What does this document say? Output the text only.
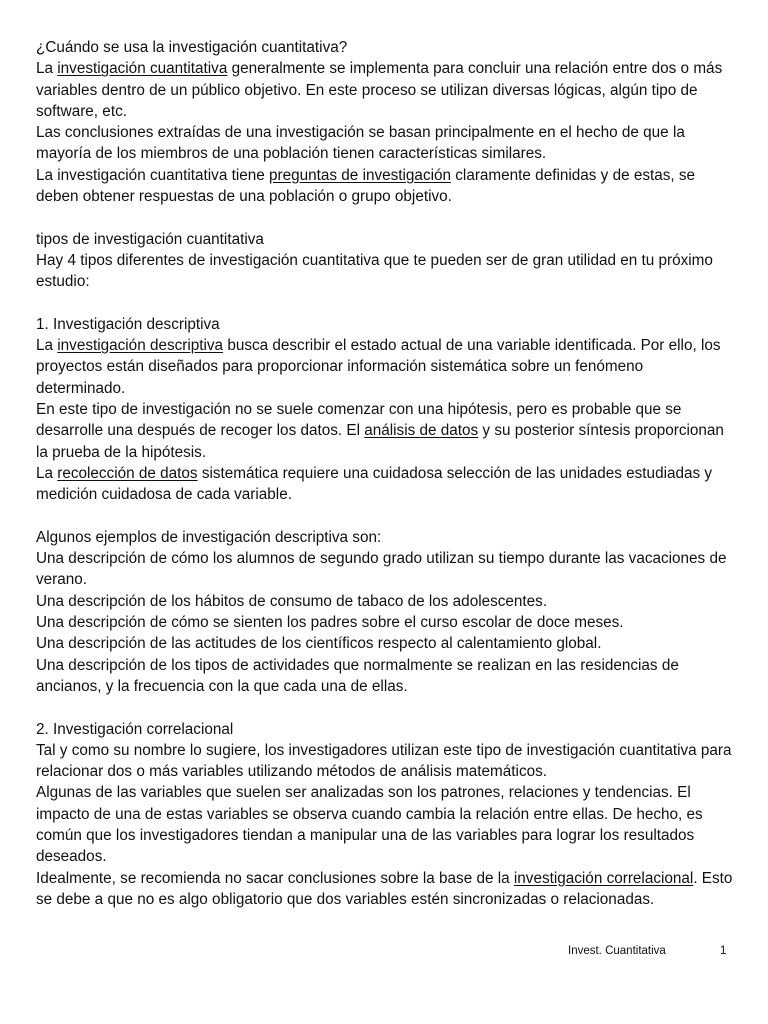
¿Cuándo se usa la investigación cuantitativa?

La investigación cuantitativa generalmente se implementa para concluir una relación entre dos o más variables dentro de un público objetivo. En este proceso se utilizan diversas lógicas, algún tipo de software, etc.

Las conclusiones extraídas de una investigación se basan principalmente en el hecho de que la mayoría de los miembros de una población tienen características similares.

La investigación cuantitativa tiene preguntas de investigación claramente definidas y de estas, se deben obtener respuestas de una población o grupo objetivo.

tipos de investigación cuantitativa

Hay 4 tipos diferentes de investigación cuantitativa que te pueden ser de gran utilidad en tu próximo estudio:

1. Investigación descriptiva

La investigación descriptiva busca describir el estado actual de una variable identificada. Por ello, los proyectos están diseñados para proporcionar información sistemática sobre un fenómeno determinado.

En este tipo de investigación no se suele comenzar con una hipótesis, pero es probable que se desarrolle una después de recoger los datos. El análisis de datos y su posterior síntesis proporcionan la prueba de la hipótesis.

La recolección de datos sistemática requiere una cuidadosa selección de las unidades estudiadas y medición cuidadosa de cada variable.

Algunos ejemplos de investigación descriptiva son:

Una descripción de cómo los alumnos de segundo grado utilizan su tiempo durante las vacaciones de verano.

Una descripción de los hábitos de consumo de tabaco de los adolescentes.

Una descripción de cómo se sienten los padres sobre el curso escolar de doce meses.

Una descripción de las actitudes de los científicos respecto al calentamiento global.

Una descripción de los tipos de actividades que normalmente se realizan en las residencias de ancianos, y la frecuencia con la que cada una de ellas.

2. Investigación correlacional

Tal y como su nombre lo sugiere, los investigadores utilizan este tipo de investigación cuantitativa para relacionar dos o más variables utilizando métodos de análisis matemáticos.

Algunas de las variables que suelen ser analizadas son los patrones, relaciones y tendencias. El impacto de una de estas variables se observa cuando cambia la relación entre ellas. De hecho, es común que los investigadores tiendan a manipular una de las variables para lograr los resultados deseados.

Idealmente, se recomienda no sacar conclusiones sobre la base de la investigación correlacional. Esto se debe a que no es algo obligatorio que dos variables estén sincronizadas o relacionadas.

Invest. Cuantitativa	1
